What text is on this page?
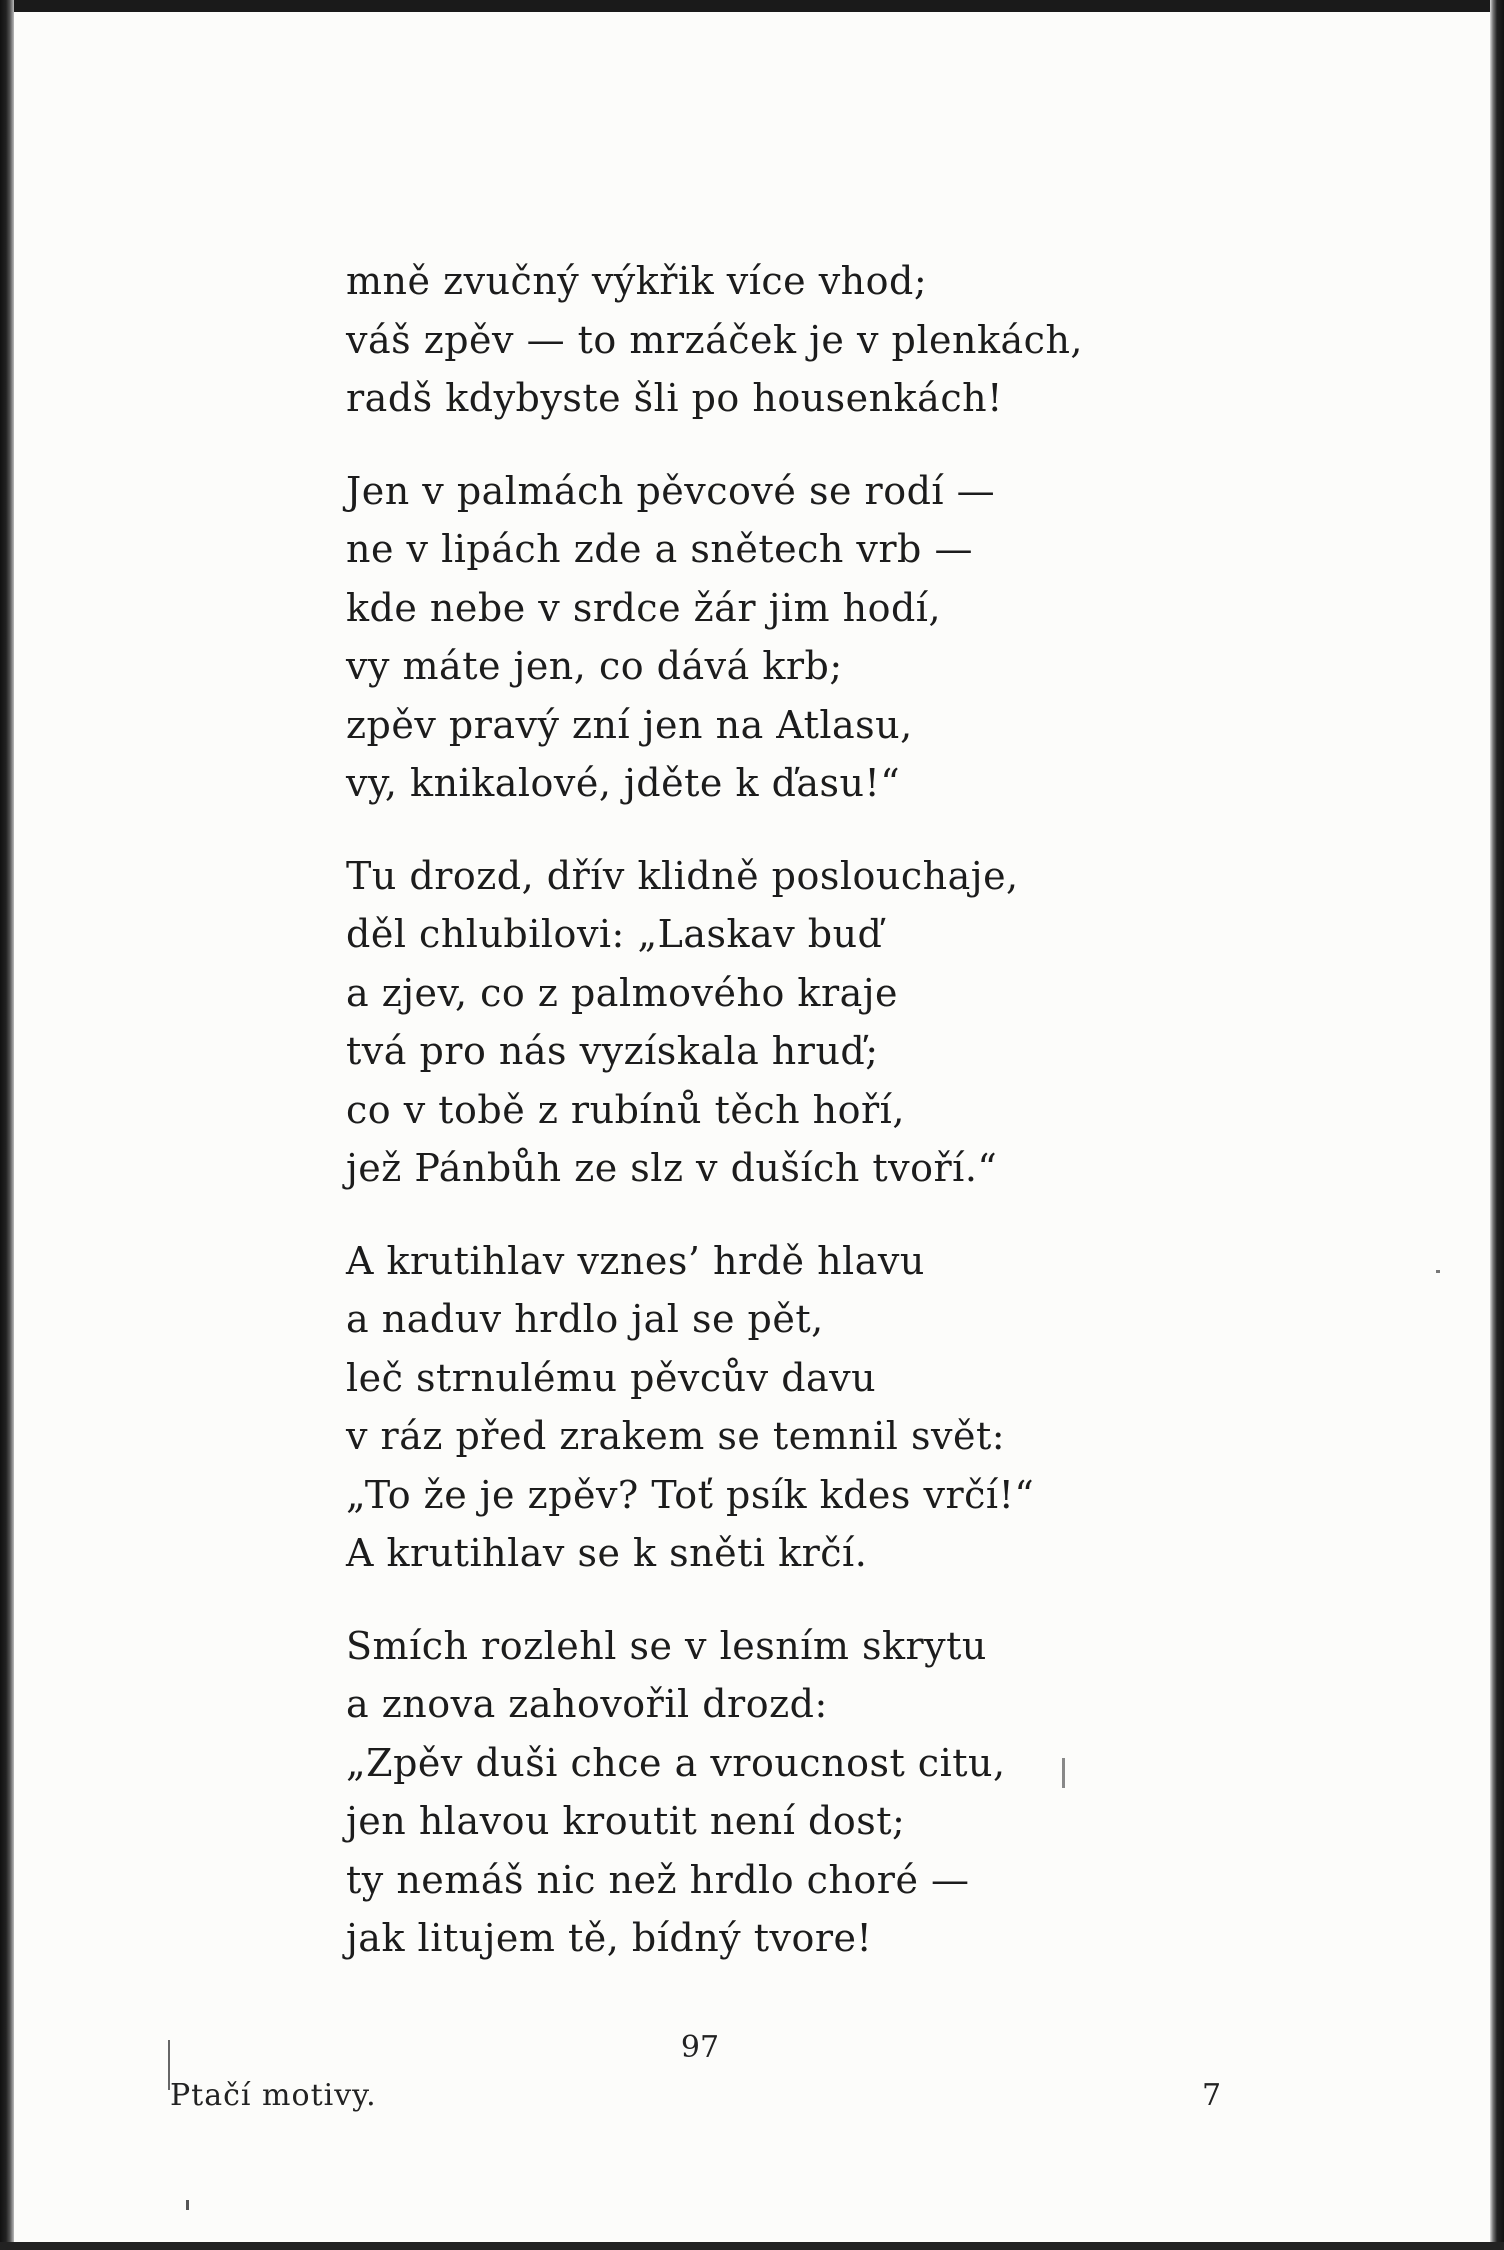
mně zvučný výkřik více vhod;
váš zpěv — to mrzáček je v plenkách,
radš kdybyste šli po housenkách!
Jen v palmách pěvcové se rodí —
ne v lipách zde a snětech vrb —
kde nebe v srdce žár jim hodí,
vy máte jen, co dává krb;
zpěv pravý zní jen na Atlasu,
vy, knikalové, jděte k ďasu!“
Tu drozd, dřív klidně poslouchaje,
děl chlubilovi: „Laskav buď
a zjev, co z palmového kraje
tvá pro nás vyzískala hruď;
co v tobě z rubínů těch hoří,
jež Pánbůh ze slz v duších tvoří.“
A krutihlav vznes’ hrdě hlavu
a naduv hrdlo jal se pět,
leč strnulému pěvcův davu
v ráz před zrakem se temnil svět:
„To že je zpěv? Toť psík kdes vrčí!“
A krutihlav se k sněti krčí.
Smích rozlehl se v lesním skrytu
a znova zahovořil drozd:
„Zpěv duši chce a vroucnost citu,
jen hlavou kroutit není dost;
ty nemáš nic než hrdlo choré —
jak litujem tě, bídný tvore!
97
Ptačí motivy.	7
